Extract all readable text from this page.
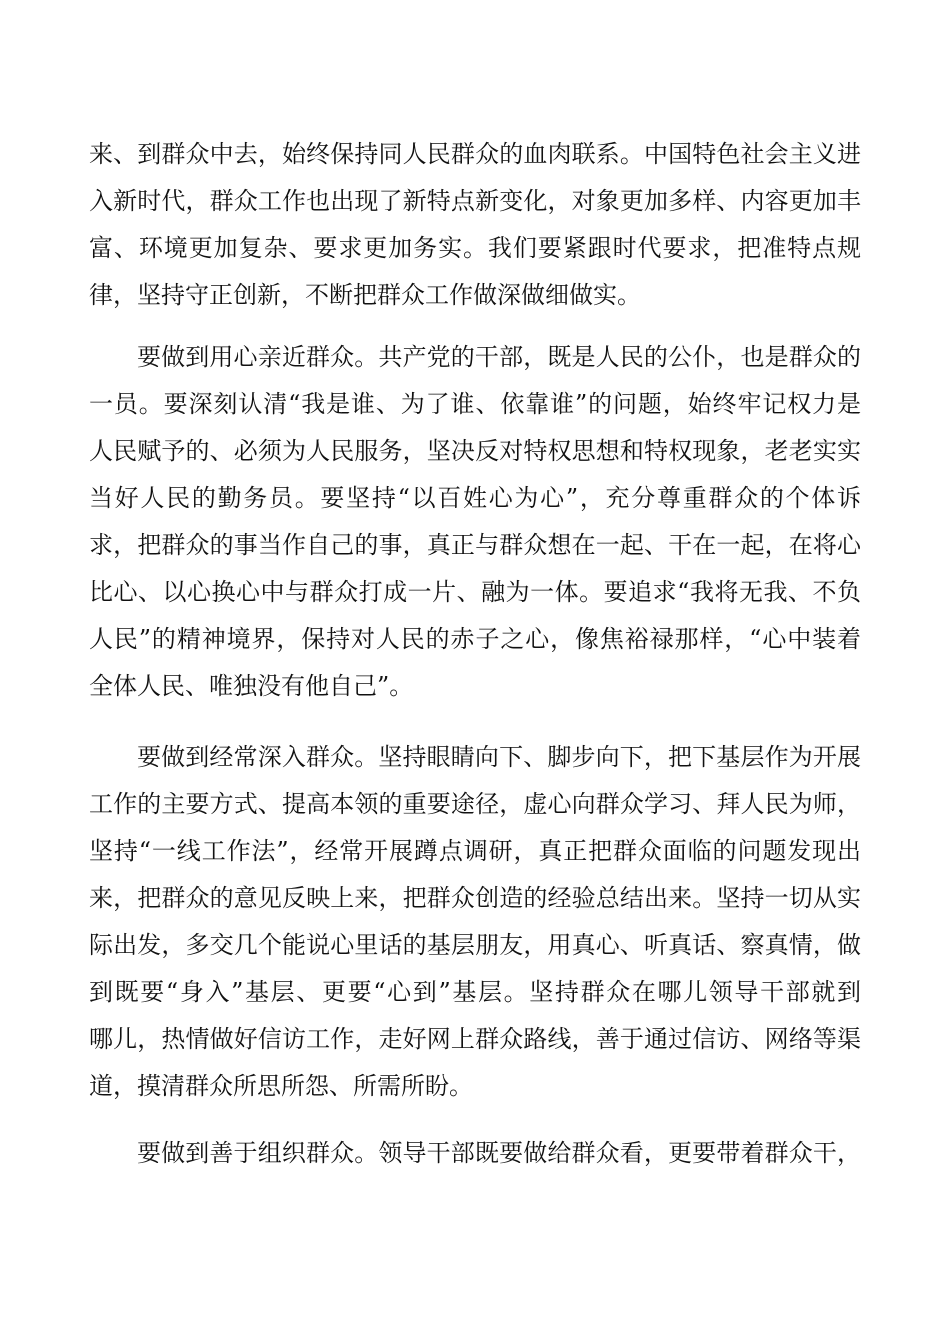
来、到群众中去，始终保持同人民群众的血肉联系。中国特色社会主义进
入新时代，群众工作也出现了新特点新变化，对象更加多样、内容更加丰
富、环境更加复杂、要求更加务实。我们要紧跟时代要求，把准特点规
律，坚持守正创新，不断把群众工作做深做细做实。
要做到用心亲近群众。共产党的干部，既是人民的公仆，也是群众的
一员。要深刻认清“我是谁、为了谁、依靠谁”的问题，始终牢记权力是
人民赋予的、必须为人民服务，坚决反对特权思想和特权现象，老老实实
当好人民的勤务员。要坚持“以百姓心为心”，充分尊重群众的个体诉
求，把群众的事当作自己的事，真正与群众想在一起、干在一起，在将心
比心、以心换心中与群众打成一片、融为一体。要追求“我将无我、不负
人民”的精神境界，保持对人民的赤子之心，像焦裕禄那样，“心中装着
全体人民、唯独没有他自己”。
要做到经常深入群众。坚持眼睛向下、脚步向下，把下基层作为开展
工作的主要方式、提高本领的重要途径，虚心向群众学习、拜人民为师，
坚持“一线工作法”，经常开展蹲点调研，真正把群众面临的问题发现出
来，把群众的意见反映上来，把群众创造的经验总结出来。坚持一切从实
际出发，多交几个能说心里话的基层朋友，用真心、听真话、察真情，做
到既要“身入”基层、更要“心到”基层。坚持群众在哪儿领导干部就到
哪儿，热情做好信访工作，走好网上群众路线，善于通过信访、网络等渠
道，摸清群众所思所怨、所需所盼。
要做到善于组织群众。领导干部既要做给群众看，更要带着群众干，
